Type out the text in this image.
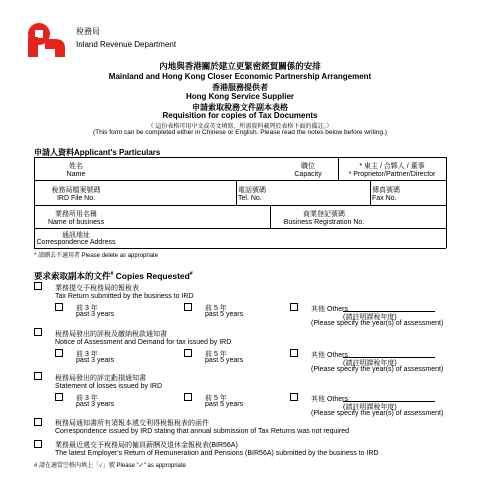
稅務局
Inland Revenue Department
內地與香港關於建立更緊密經貿關係的安排
Mainland and Hong Kong Closer Economic Partnership Arrangement
香港服務提供者
Hong Kong Service Supplier
申請索取稅務文件副本表格
Requisition for copies of Tax Documents
（ 這份表格可用中文或英文填寫，所需資料載列於表格下面的備註。）
(This form can be completed either in Chinese or English. Please read the notes below before writing.)
申請人資料Applicant's Particulars
姓名
Name
職位
Capacity
* 東主 / 合夥人 / 董事
* Proprietor/Partner/Director
稅務局檔案號碼
IRD File No.
電話號碼
Tel. No.
傳真號碼
Fax No.
業務所用名稱
Name of business
商業登記號碼
Business Registration No.
通訊地址
Correspondence Address
* 請刪去不適用者 Please delete as appropriate
要求索取副本的文件# Copies Requested#
業務提交予稅務局的報稅表
Tax Return submitted by the business to IRD
前 3 年
past 3 years
前 5 年
past 5 years
其他 Others
(請註明課稅年度)
(Please specify the year(s) of assessment)
稅務局發出的評稅及繳納稅款通知書
Notice of Assessment and Demand for tax issued by IRD
前 3 年
past 3 years
前 5 年
past 5 years
其他 Others
(請註明課稅年度)
(Please specify the year(s) of assessment)
稅務局發出的評定虧損通知書
Statement of losses issued by IRD
前 3 年
past 3 years
前 5 年
past 5 years
其他 Others
(請註明課稅年度)
(Please specify the year(s) of assessment)
稅務局通知書所有須報本遞交利得稅報稅表的函件
Correspondence issued by IRD stating that annual submission of Tax Returns was not required
業務最近遞交予稅務局的僱員薪酬及退休金報稅表(BIR56A)
The latest Employer's Return of Remuneration and Pensions (BIR56A) submitted by the business to IRD
# 請在適當空格內填上「✓」號 Please "✓" as appropriate
